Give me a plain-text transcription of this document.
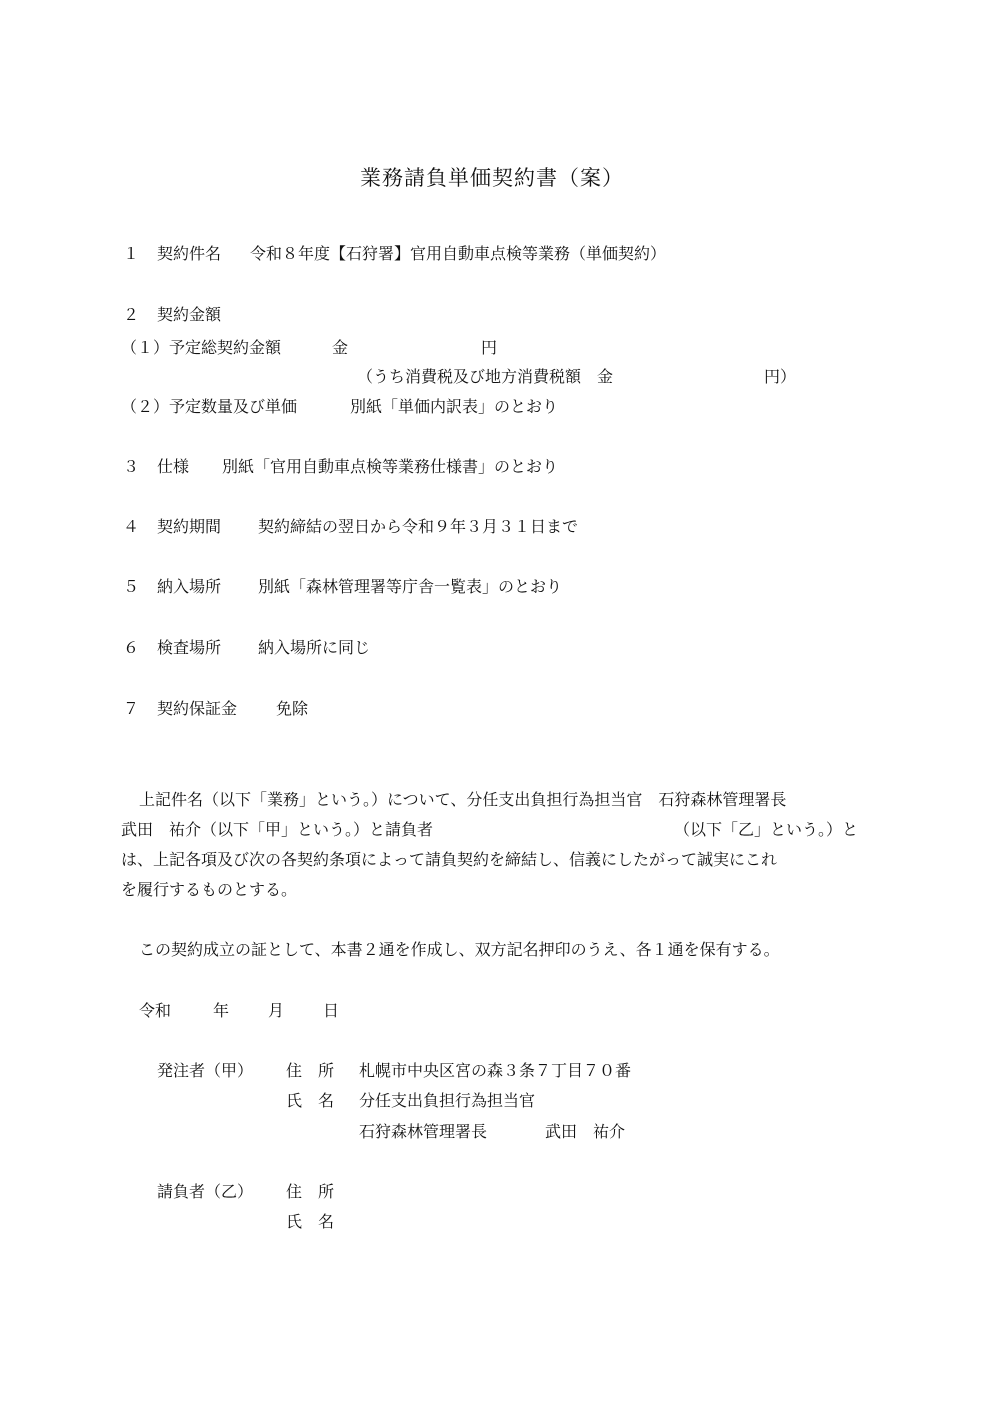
業務請負単価契約書（案）
１ 契約件名 令和８年度【石狩署】官用自動車点検等業務（単価契約）
２ 契約金額
（１）予定総契約金額	金	円
（うち消費税及び地方消費税額　金	円）
（２）予定数量及び単価	別紙「単価内訳表」のとおり
３ 仕様 別紙「官用自動車点検等業務仕様書」のとおり
４ 契約期間 契約締結の翌日から令和９年３月３１日まで
５ 納入場所 別紙「森林管理署等庁舎一覧表」のとおり
６ 検査場所 納入場所に同じ
７ 契約保証金 免除
上記件名（以下「業務」という。）について、分任支出負担行為担当官　石狩森林管理署長
武田　祐介（以下「甲」という。）と請負者	（以下「乙」という。）と
は、上記各項及び次の各契約条項によって請負契約を締結し、信義にしたがって誠実にこれ
を履行するものとする。
この契約成立の証として、本書２通を作成し、双方記名押印のうえ、各１通を保有する。
令和	年 月 日
発注者（甲） 住　所 札幌市中央区宮の森３条７丁目７０番
氏　名 分任支出負担行為担当官
石狩森林管理署長	武田　祐介
請負者（乙） 住　所
氏　名
